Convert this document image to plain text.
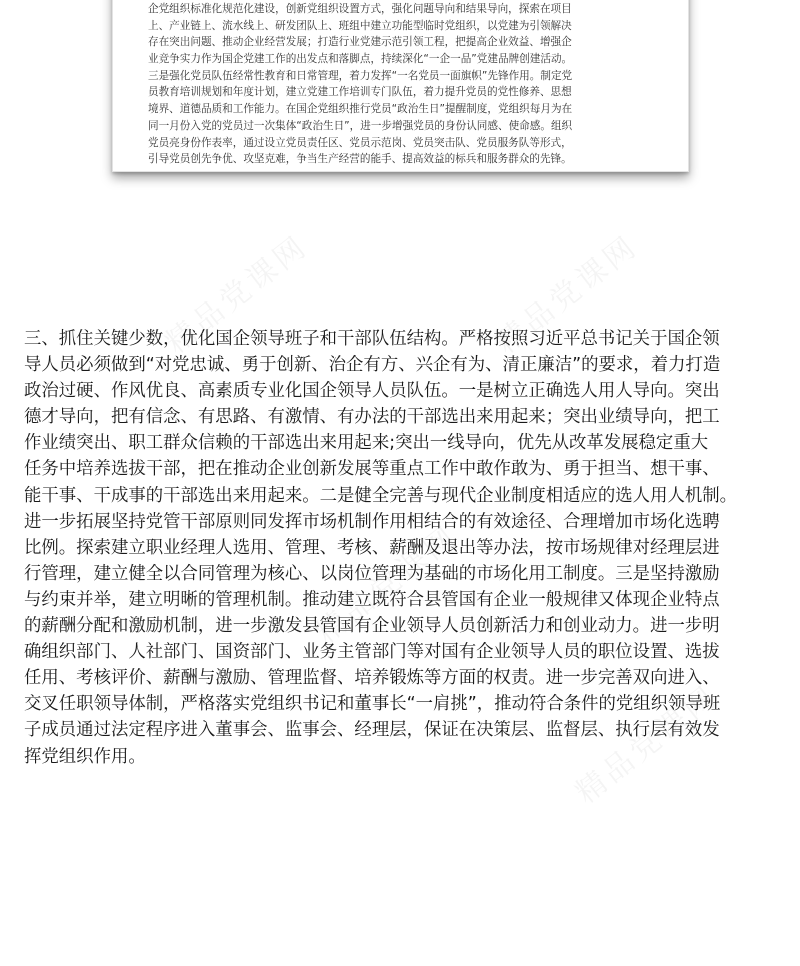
企党组织标准化规范化建设，创新党组织设置方式，强化问题导向和结果导向，探索在项目
上、产业链上、流水线上、研发团队上、班组中建立功能型临时党组织，以党建为引领解决
存在突出问题、推动企业经营发展；打造行业党建示范引领工程，把提高企业效益、增强企
业竞争实力作为国企党建工作的出发点和落脚点，持续深化“一企一品”党建品牌创建活动。
三是强化党员队伍经常性教育和日常管理，着力发挥“一名党员一面旗帜”先锋作用。制定党
员教育培训规划和年度计划，建立党建工作培训专门队伍，着力提升党员的党性修养、思想
境界、道德品质和工作能力。在国企党组织推行党员“政治生日”提醒制度，党组织每月为在
同一月份入党的党员过一次集体“政治生日”，进一步增强党员的身份认同感、使命感。组织
党员亮身份作表率，通过设立党员责任区、党员示范岗、党员突击队、党员服务队等形式，
引导党员创先争优、攻坚克难，争当生产经营的能手、提高效益的标兵和服务群众的先锋。

三、抓住关键少数，优化国企领导班子和干部队伍结构。严格按照习近平总书记关于国企领
导人员必须做到“对党忠诚、勇于创新、治企有方、兴企有为、清正廉洁”的要求，着力打造
政治过硬、作风优良、高素质专业化国企领导人员队伍。一是树立正确选人用人导向。突出
德才导向，把有信念、有思路、有激情、有办法的干部选出来用起来；突出业绩导向，把工
作业绩突出、职工群众信赖的干部选出来用起来;突出一线导向，优先从改革发展稳定重大
任务中培养选拔干部，把在推动企业创新发展等重点工作中敢作敢为、勇于担当、想干事、
能干事、干成事的干部选出来用起来。二是健全完善与现代企业制度相适应的选人用人机制。
进一步拓展坚持党管干部原则同发挥市场机制作用相结合的有效途径、合理增加市场化选聘
比例。探索建立职业经理人选用、管理、考核、薪酬及退出等办法，按市场规律对经理层进
行管理，建立健全以合同管理为核心、以岗位管理为基础的市场化用工制度。三是坚持激励
与约束并举，建立明晰的管理机制。推动建立既符合县管国有企业一般规律又体现企业特点
的薪酬分配和激励机制，进一步激发县管国有企业领导人员创新活力和创业动力。进一步明
确组织部门、人社部门、国资部门、业务主管部门等对国有企业领导人员的职位设置、选拔
任用、考核评价、薪酬与激励、管理监督、培养锻炼等方面的权责。进一步完善双向进入、
交叉任职领导体制，严格落实党组织书记和董事长“一肩挑”，推动符合条件的党组织领导班
子成员通过法定程序进入董事会、监事会、经理层，保证在决策层、监督层、执行层有效发
挥党组织作用。
